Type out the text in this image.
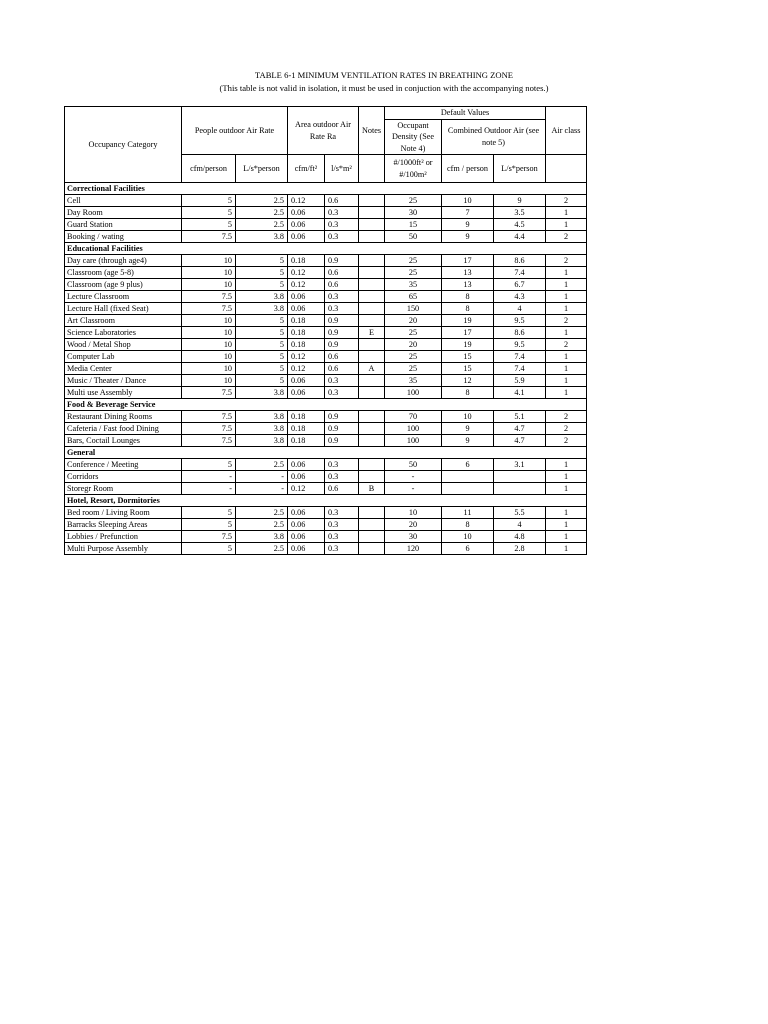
TABLE 6-1 MINIMUM VENTILATION RATES IN BREATHING ZONE
(This table is not valid in isolation, it must be used in conjuction with the accompanying notes.)
Occupancy Category	People outdoor Air Rate		Area outdoor Air Rate Ra		Notes	Default Values			Air class
						Occupant Density (See Note 4)	Combined Outdoor Air (see note 5)		
	cfm/person	L/s*person	cfm/ft²	l/s*m²		#/1000ft² or #/100m²	cfm / person	L/s*person	
Correctional Facilities									
Cell	5	2.5	0.12	0.6		25	10	9	2
Day Room	5	2.5	0.06	0.3		30	7	3.5	1
Guard Station	5	2.5	0.06	0.3		15	9	4.5	1
Booking / wating	7.5	3.8	0.06	0.3		50	9	4.4	2
Educational Facilities									
Day care (through age4)	10	5	0.18	0.9		25	17	8.6	2
Classroom (age 5-8)	10	5	0.12	0.6		25	13	7.4	1
Classroom (age 9 plus)	10	5	0.12	0.6		35	13	6.7	1
Lecture Classroom	7.5	3.8	0.06	0.3		65	8	4.3	1
Lecture Hall (fixed Seat)	7.5	3.8	0.06	0.3		150	8	4	1
Art Classroom	10	5	0.18	0.9		20	19	9.5	2
Science Laboratories	10	5	0.18	0.9	E	25	17	8.6	1
Wood / Metal Shop	10	5	0.18	0.9		20	19	9.5	2
Computer Lab	10	5	0.12	0.6		25	15	7.4	1
Media Center	10	5	0.12	0.6	A	25	15	7.4	1
Music / Theater / Dance	10	5	0.06	0.3		35	12	5.9	1
Multi use Assembly	7.5	3.8	0.06	0.3		100	8	4.1	1
Food & Beverage Service									
Restaurant Dining Rooms	7.5	3.8	0.18	0.9		70	10	5.1	2
Cafeteria / Fast food Dining	7.5	3.8	0.18	0.9		100	9	4.7	2
Bars, Coctail Lounges	7.5	3.8	0.18	0.9		100	9	4.7	2
General									
Conference / Meeting	5	2.5	0.06	0.3		50	6	3.1	1
Corridors	-	-	0.06	0.3		-			1
Storegr Room	-	-	0.12	0.6	B	-			1
Hotel, Resort, Dormitories									
Bed room / Living Room	5	2.5	0.06	0.3		10	11	5.5	1
Barracks Sleeping Areas	5	2.5	0.06	0.3		20	8	4	1
Lobbies / Prefunction	7.5	3.8	0.06	0.3		30	10	4.8	1
Multi Purpose Assembly	5	2.5	0.06	0.3		120	6	2.8	1
